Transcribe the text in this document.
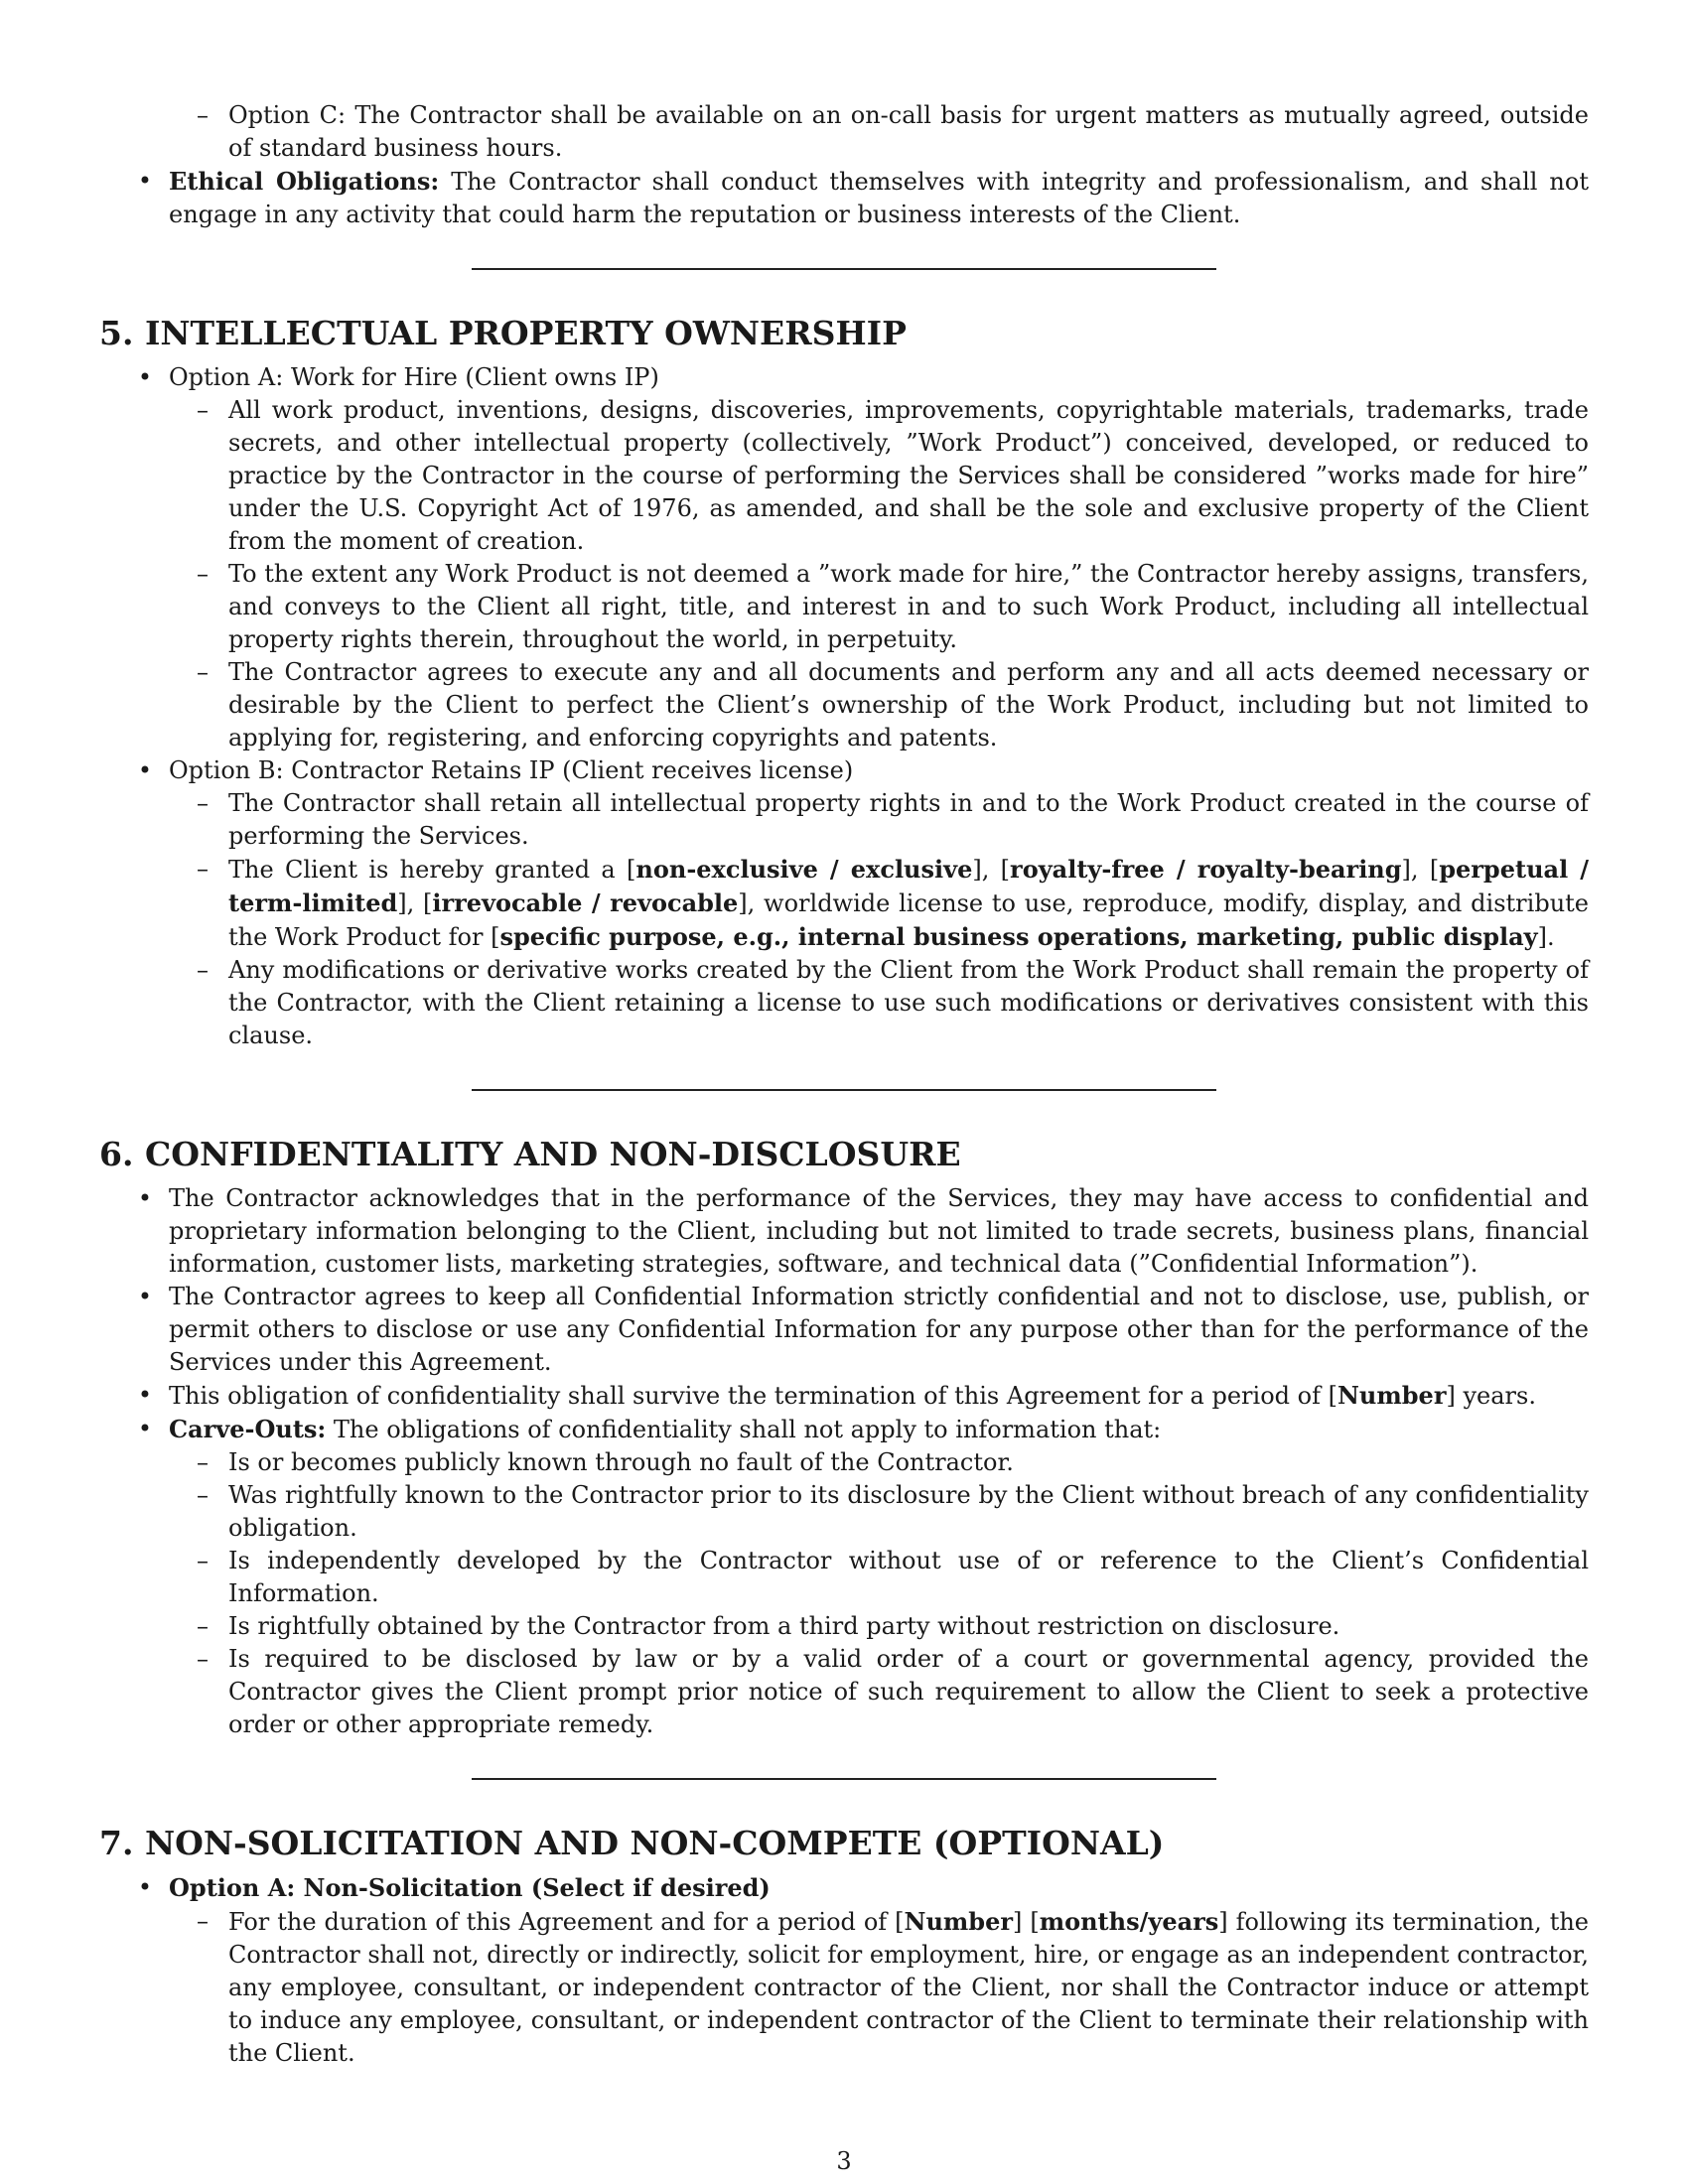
– Option C: The Contractor shall be available on an on-call basis for urgent matters as mutually agreed, outside of standard business hours.
• Ethical Obligations: The Contractor shall conduct themselves with integrity and professionalism, and shall not engage in any activity that could harm the reputation or business interests of the Client.
5. INTELLECTUAL PROPERTY OWNERSHIP
• Option A: Work for Hire (Client owns IP)
– All work product, inventions, designs, discoveries, improvements, copyrightable materials, trademarks, trade secrets, and other intellectual property (collectively, ”Work Product”) conceived, developed, or reduced to practice by the Contractor in the course of performing the Services shall be considered ”works made for hire” under the U.S. Copyright Act of 1976, as amended, and shall be the sole and exclusive property of the Client from the moment of creation.
– To the extent any Work Product is not deemed a ”work made for hire,” the Contractor hereby assigns, transfers, and conveys to the Client all right, title, and interest in and to such Work Product, including all intellectual property rights therein, throughout the world, in perpetuity.
– The Contractor agrees to execute any and all documents and perform any and all acts deemed necessary or desirable by the Client to perfect the Client’s ownership of the Work Product, including but not limited to applying for, registering, and enforcing copyrights and patents.
• Option B: Contractor Retains IP (Client receives license)
– The Contractor shall retain all intellectual property rights in and to the Work Product created in the course of performing the Services.
– The Client is hereby granted a [non-exclusive / exclusive], [royalty-free / royalty-bearing], [perpetual / term-limited], [irrevocable / revocable], worldwide license to use, reproduce, modify, display, and distribute the Work Product for [specific purpose, e.g., internal business operations, marketing, public display].
– Any modifications or derivative works created by the Client from the Work Product shall remain the property of the Contractor, with the Client retaining a license to use such modifications or derivatives consistent with this clause.
6. CONFIDENTIALITY AND NON-DISCLOSURE
• The Contractor acknowledges that in the performance of the Services, they may have access to confidential and proprietary information belonging to the Client, including but not limited to trade secrets, business plans, financial information, customer lists, marketing strategies, software, and technical data (”Confidential Information”).
• The Contractor agrees to keep all Confidential Information strictly confidential and not to disclose, use, publish, or permit others to disclose or use any Confidential Information for any purpose other than for the performance of the Services under this Agreement.
• This obligation of confidentiality shall survive the termination of this Agreement for a period of [Number] years.
• Carve-Outs: The obligations of confidentiality shall not apply to information that:
– Is or becomes publicly known through no fault of the Contractor.
– Was rightfully known to the Contractor prior to its disclosure by the Client without breach of any confidentiality obligation.
– Is independently developed by the Contractor without use of or reference to the Client’s Confidential Information.
– Is rightfully obtained by the Contractor from a third party without restriction on disclosure.
– Is required to be disclosed by law or by a valid order of a court or governmental agency, provided the Contractor gives the Client prompt prior notice of such requirement to allow the Client to seek a protective order or other appropriate remedy.
7. NON-SOLICITATION AND NON-COMPETE (OPTIONAL)
• Option A: Non-Solicitation (Select if desired)
– For the duration of this Agreement and for a period of [Number] [months/years] following its termination, the Contractor shall not, directly or indirectly, solicit for employment, hire, or engage as an independent contractor, any employee, consultant, or independent contractor of the Client, nor shall the Contractor induce or attempt to induce any employee, consultant, or independent contractor of the Client to terminate their relationship with the Client.
3
